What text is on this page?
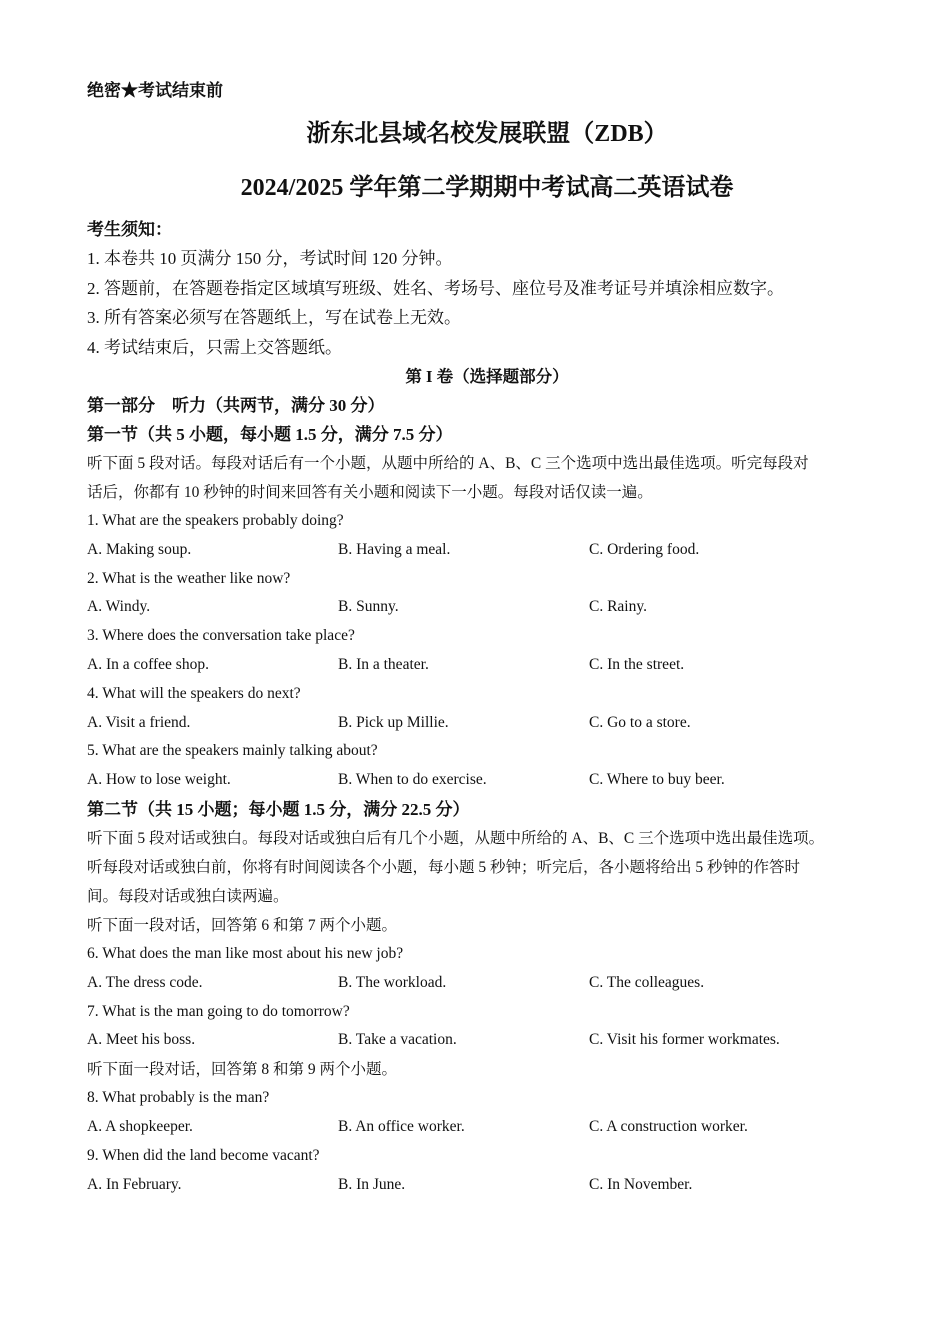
绝密★考试结束前
浙东北县域名校发展联盟（ZDB）
2024/2025 学年第二学期期中考试高二英语试卷
考生须知：
1. 本卷共 10 页满分 150 分，考试时间 120 分钟。
2. 答题前，在答题卷指定区域填写班级、姓名、考场号、座位号及准考证号并填涂相应数字。
3. 所有答案必须写在答题纸上，写在试卷上无效。
4. 考试结束后，只需上交答题纸。
第 I 卷（选择题部分）
第一部分　听力（共两节，满分 30 分）
第一节（共 5 小题，每小题 1.5 分，满分 7.5 分）
听下面 5 段对话。每段对话后有一个小题，从题中所给的 A、B、C 三个选项中选出最佳选项。听完每段对
话后，你都有 10 秒钟的时间来回答有关小题和阅读下一小题。每段对话仅读一遍。
1. What are the speakers probably doing?
A. Making soup.	B. Having a meal.	C. Ordering food.
2. What is the weather like now?
A. Windy.	B. Sunny.	C. Rainy.
3. Where does the conversation take place?
A. In a coffee shop.	B. In a theater.	C. In the street.
4. What will the speakers do next?
A. Visit a friend.	B. Pick up Millie.	C. Go to a store.
5. What are the speakers mainly talking about?
A. How to lose weight.	B. When to do exercise.	C. Where to buy beer.
第二节（共 15 小题；每小题 1.5 分，满分 22.5 分）
听下面 5 段对话或独白。每段对话或独白后有几个小题，从题中所给的 A、B、C 三个选项中选出最佳选项。
听每段对话或独白前，你将有时间阅读各个小题，每小题 5 秒钟；听完后，各小题将给出 5 秒钟的作答时
间。每段对话或独白读两遍。
听下面一段对话，回答第 6 和第 7 两个小题。
6. What does the man like most about his new job?
A. The dress code.	B. The workload.	C. The colleagues.
7. What is the man going to do tomorrow?
A. Meet his boss.	B. Take a vacation.	C. Visit his former workmates.
听下面一段对话，回答第 8 和第 9 两个小题。
8. What probably is the man?
A. A shopkeeper.	B. An office worker.	C. A construction worker.
9. When did the land become vacant?
A. In February.	B. In June.	C. In November.
